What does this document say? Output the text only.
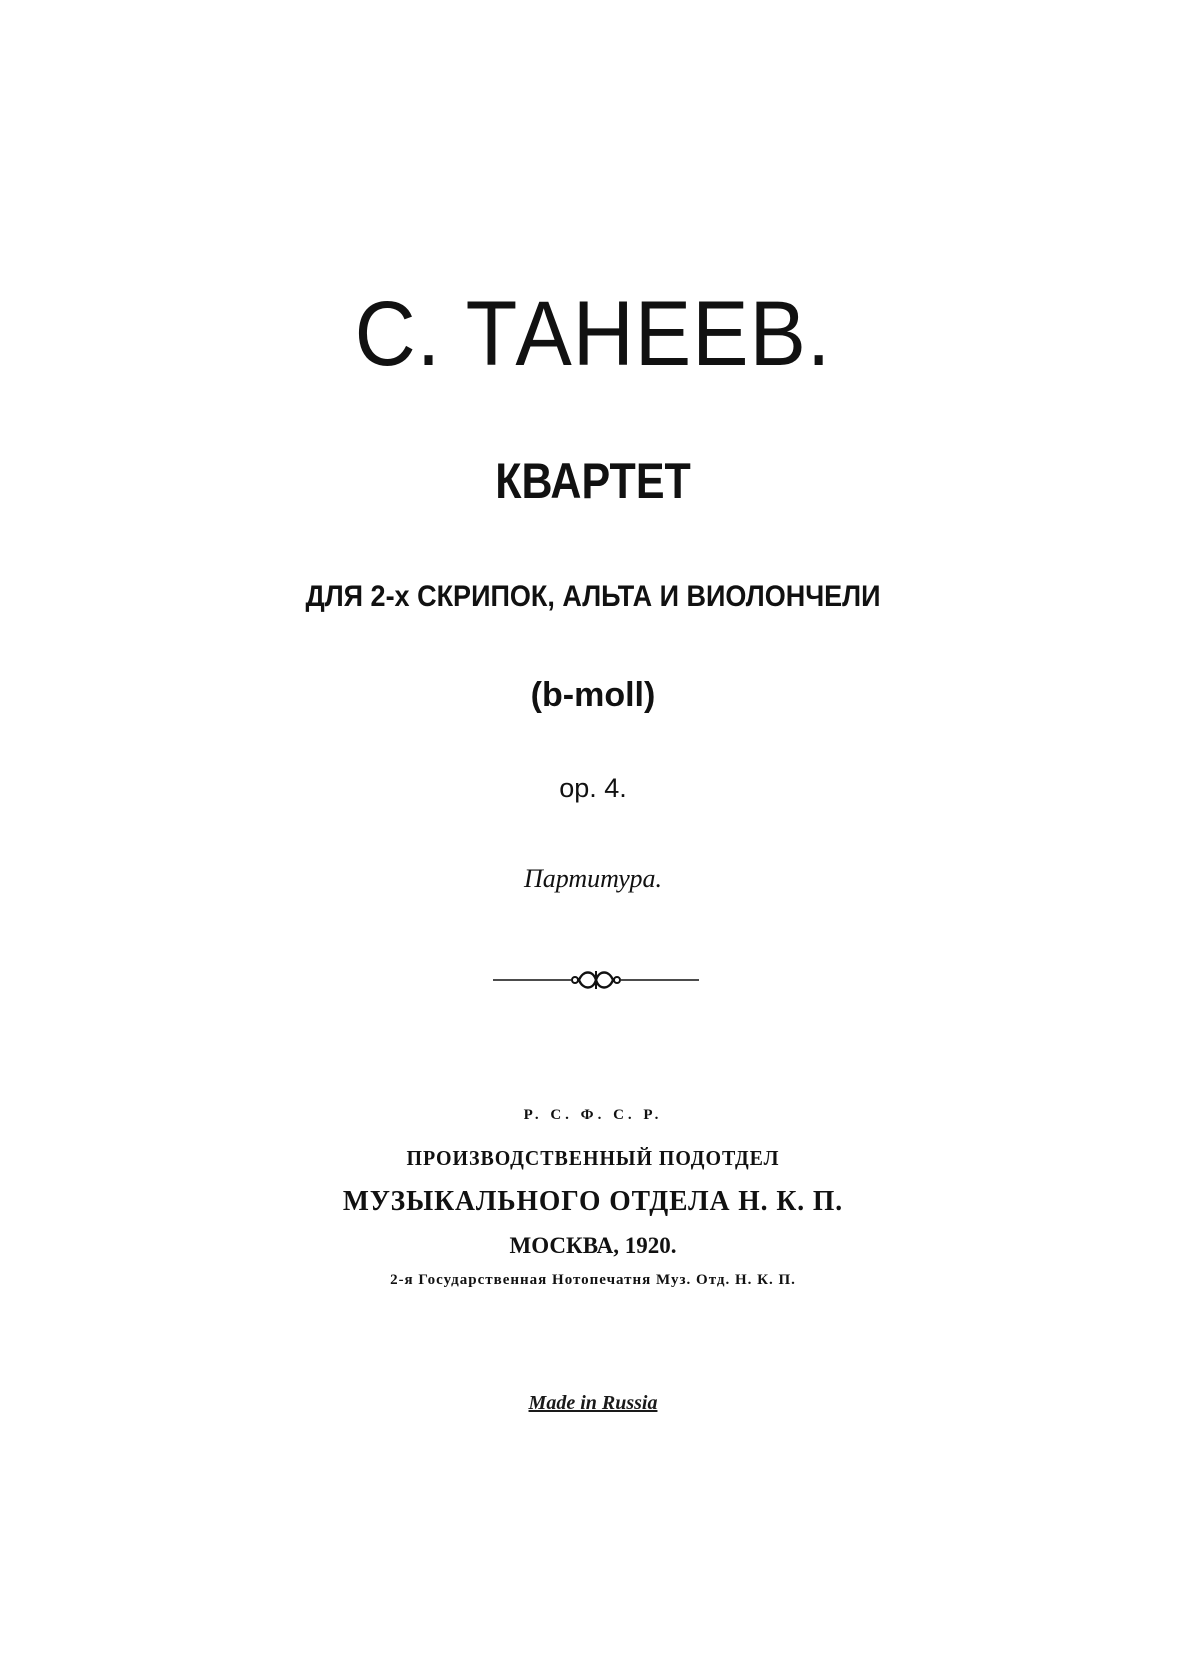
С. ТАНЕЕВ.
КВАРТЕТ
ДЛЯ 2-х СКРИПОК, АЛЬТА И ВИОЛОНЧЕЛИ
(b-moll)
op. 4.
Партитура.
Р. С. Ф. С. Р.
ПРОИЗВОДСТВЕННЫЙ ПОДОТДЕЛ
МУЗЫКАЛЬНОГО ОТДЕЛА Н. К. П.
МОСКВА, 1920.
2-я Государственная Нотопечатня Муз. Отд. Н. К. П.
Made in Russia
